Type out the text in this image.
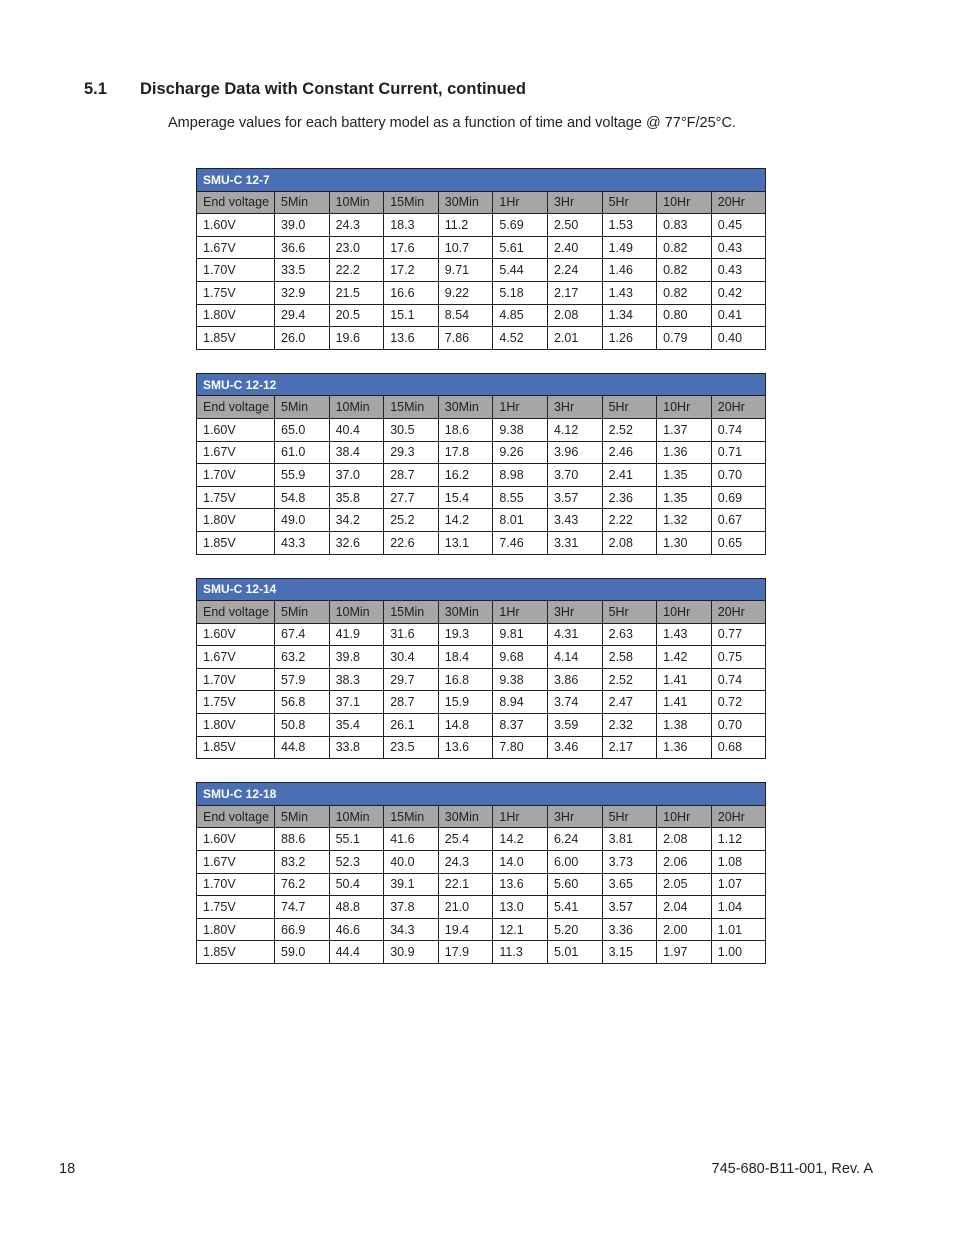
5.1	Discharge Data with Constant Current, continued
Amperage values for each battery model as a function of time and voltage @ 77°F/25°C.
SMU-C 12-7									
End voltage	5Min	10Min	15Min	30Min	1Hr	3Hr	5Hr	10Hr	20Hr
1.60V	39.0	24.3	18.3	11.2	5.69	2.50	1.53	0.83	0.45
1.67V	36.6	23.0	17.6	10.7	5.61	2.40	1.49	0.82	0.43
1.70V	33.5	22.2	17.2	9.71	5.44	2.24	1.46	0.82	0.43
1.75V	32.9	21.5	16.6	9.22	5.18	2.17	1.43	0.82	0.42
1.80V	29.4	20.5	15.1	8.54	4.85	2.08	1.34	0.80	0.41
1.85V	26.0	19.6	13.6	7.86	4.52	2.01	1.26	0.79	0.40
SMU-C 12-12									
End voltage	5Min	10Min	15Min	30Min	1Hr	3Hr	5Hr	10Hr	20Hr
1.60V	65.0	40.4	30.5	18.6	9.38	4.12	2.52	1.37	0.74
1.67V	61.0	38.4	29.3	17.8	9.26	3.96	2.46	1.36	0.71
1.70V	55.9	37.0	28.7	16.2	8.98	3.70	2.41	1.35	0.70
1.75V	54.8	35.8	27.7	15.4	8.55	3.57	2.36	1.35	0.69
1.80V	49.0	34.2	25.2	14.2	8.01	3.43	2.22	1.32	0.67
1.85V	43.3	32.6	22.6	13.1	7.46	3.31	2.08	1.30	0.65
SMU-C 12-14									
End voltage	5Min	10Min	15Min	30Min	1Hr	3Hr	5Hr	10Hr	20Hr
1.60V	67.4	41.9	31.6	19.3	9.81	4.31	2.63	1.43	0.77
1.67V	63.2	39.8	30.4	18.4	9.68	4.14	2.58	1.42	0.75
1.70V	57.9	38.3	29.7	16.8	9.38	3.86	2.52	1.41	0.74
1.75V	56.8	37.1	28.7	15.9	8.94	3.74	2.47	1.41	0.72
1.80V	50.8	35.4	26.1	14.8	8.37	3.59	2.32	1.38	0.70
1.85V	44.8	33.8	23.5	13.6	7.80	3.46	2.17	1.36	0.68
SMU-C 12-18									
End voltage	5Min	10Min	15Min	30Min	1Hr	3Hr	5Hr	10Hr	20Hr
1.60V	88.6	55.1	41.6	25.4	14.2	6.24	3.81	2.08	1.12
1.67V	83.2	52.3	40.0	24.3	14.0	6.00	3.73	2.06	1.08
1.70V	76.2	50.4	39.1	22.1	13.6	5.60	3.65	2.05	1.07
1.75V	74.7	48.8	37.8	21.0	13.0	5.41	3.57	2.04	1.04
1.80V	66.9	46.6	34.3	19.4	12.1	5.20	3.36	2.00	1.01
1.85V	59.0	44.4	30.9	17.9	11.3	5.01	3.15	1.97	1.00
18	745-680-B11-001, Rev. A
